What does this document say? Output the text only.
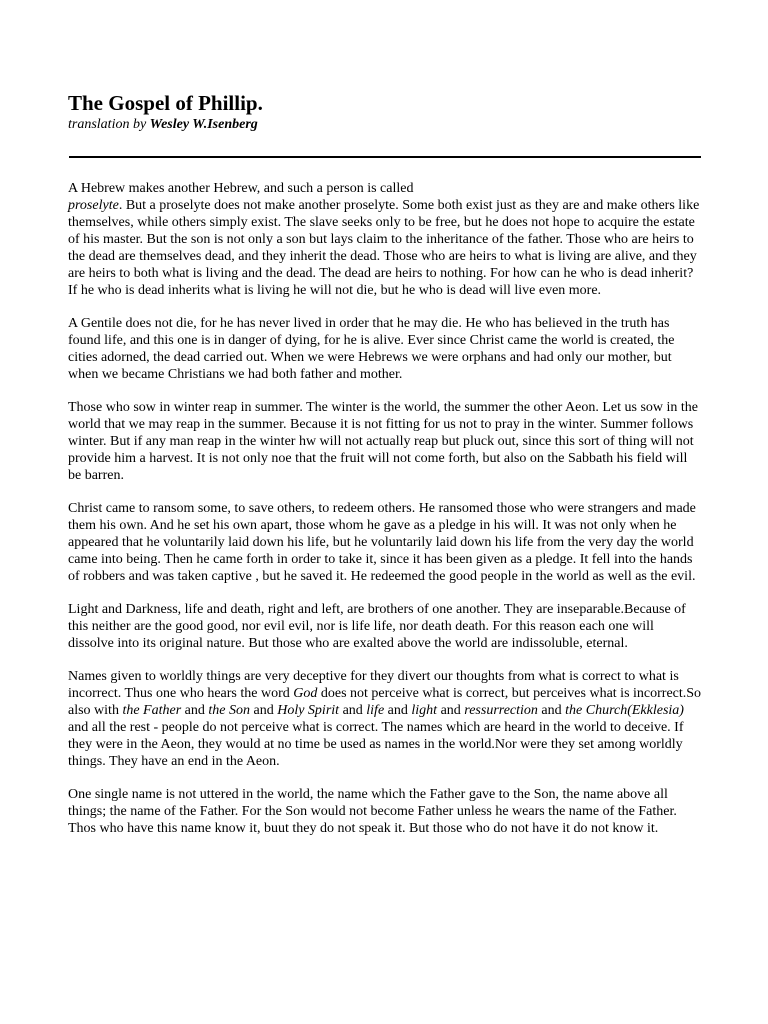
The Gospel of Phillip.

translation by Wesley W.Isenberg

A Hebrew makes another Hebrew, and such a person is called
proselyte. But a proselyte does not make another proselyte. Some both exist just as they are and make others like themselves, while others simply exist. The slave seeks only to be free, but he does not hope to acquire the estate of his master. But the son is not only a son but lays claim to the inheritance of the father. Those who are heirs to the dead are themselves dead, and they inherit the dead. Those who are heirs to what is living are alive, and they are heirs to both what is living and the dead. The dead are heirs to nothing. For how can he who is dead inherit? If he who is dead inherits what is living he will not die, but he who is dead will live even more.

A Gentile does not die, for he has never lived in order that he may die. He who has believed in the truth has found life, and this one is in danger of dying, for he is alive. Ever since Christ came the world is created, the cities adorned, the dead carried out. When we were Hebrews we were orphans and had only our mother, but when we became Christians we had both father and mother.

Those who sow in winter reap in summer. The winter is the world, the summer the other Aeon. Let us sow in the world that we may reap in the summer. Because it is not fitting for us not to pray in the winter. Summer follows winter. But if any man reap in the winter hw will not actually reap but pluck out, since this sort of thing will not provide him a harvest. It is not only noe that the fruit will not come forth, but also on the Sabbath his field will be barren.

Christ came to ransom some, to save others, to redeem others. He ransomed those who were strangers and made them his own. And he set his own apart, those whom he gave as a pledge in his will. It was not only when he appeared that he voluntarily laid down his life, but he voluntarily laid down his life from the very day the world came into being. Then he came forth in order to take it, since it has been given as a pledge. It fell into the hands of robbers and was taken captive , but he saved it. He redeemed the good people in the world as well as the evil.

Light and Darkness, life and death, right and left, are brothers of one another. They are inseparable.Because of this neither are the good good, nor evil evil, nor is life life, nor death death. For this reason each one will dissolve into its original nature. But those who are exalted above the world are indissoluble, eternal.

Names given to worldly things are very deceptive for they divert our thoughts from what is correct to what is incorrect. Thus one who hears the word God does not perceive what is correct, but perceives what is incorrect.So also with the Father and the Son and Holy Spirit and life and light and ressurrection and the Church(Ekklesia) and all the rest - people do not perceive what is correct. The names which are heard in the world to deceive. If they were in the Aeon, they would at no time be used as names in the world.Nor were they set among worldly things. They have an end in the Aeon.

One single name is not uttered in the world, the name which the Father gave to the Son, the name above all things; the name of the Father. For the Son would not become Father unless he wears the name of the Father. Thos who have this name know it, buut they do not speak it. But those who do not have it do not know it.
